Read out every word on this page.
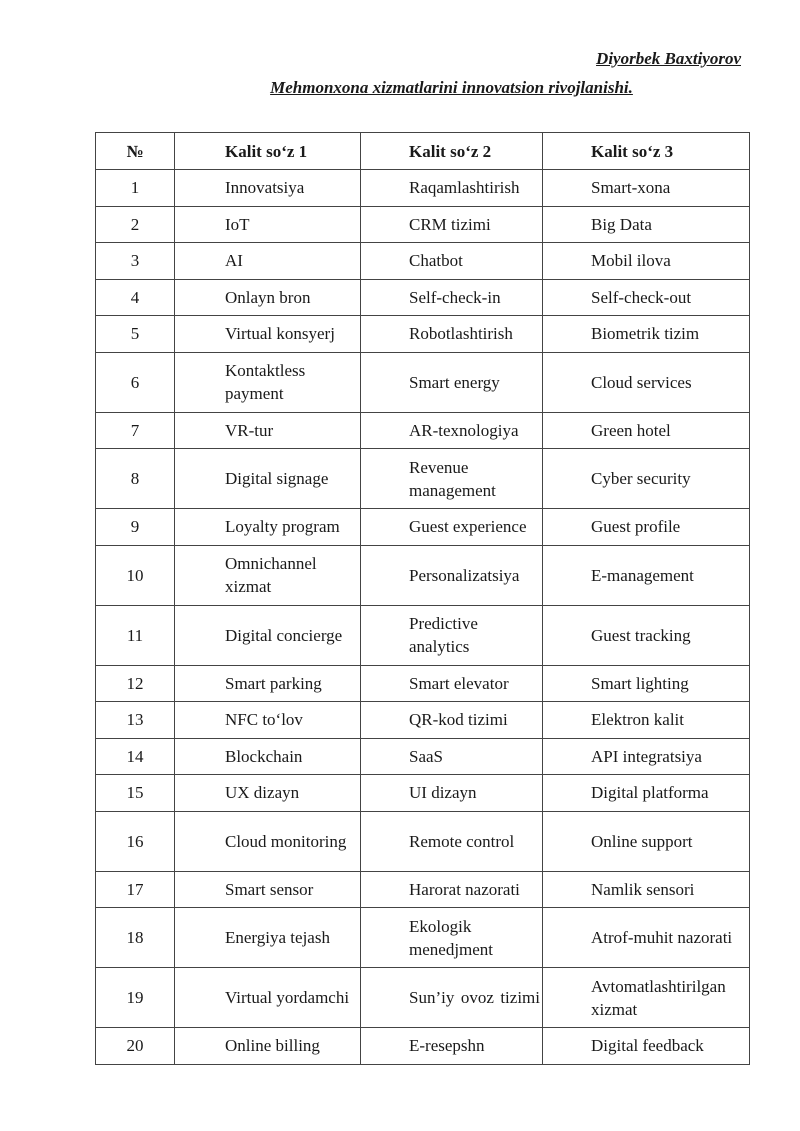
Diyorbek Baxtiyorov
Mehmonxona xizmatlarini innovatsion rivojlanishi.
№	Kalit so‘z 1	Kalit so‘z 2	Kalit so‘z 3

1	Innovatsiya	Raqamlashtirish	Smart-xona

2	IoT	CRM tizimi	Big Data

3	AI	Chatbot	Mobil ilova

4	Onlayn bron	Self-check-in	Self-check-out

5	Virtual konsyerj	Robotlashtirish	Biometrik tizim

6	Kontaktless payment	Smart energy	Cloud services

7	VR-tur	AR-texnologiya	Green hotel

8	Digital signage	Revenue management	Cyber security

9	Loyalty program	Guest experience	Guest profile

10	Omnichannel xizmat	Personalizatsiya	E-management

11	Digital concierge	Predictive analytics	Guest tracking

12	Smart parking	Smart elevator	Smart lighting

13	NFC to‘lov	QR-kod tizimi	Elektron kalit

14	Blockchain	SaaS	API integratsiya

15	UX dizayn	UI dizayn	Digital platforma

16	Cloud monitoring	Remote control	Online support

17	Smart sensor	Harorat nazorati	Namlik sensori

18	Energiya tejash	Ekologik menedjment	Atrof-muhit nazorati

19	Virtual yordamchi	Sun’iy ovoz tizimi	Avtomatlashtirilgan xizmat

20	Online billing	E-resepshn	Digital feedback
